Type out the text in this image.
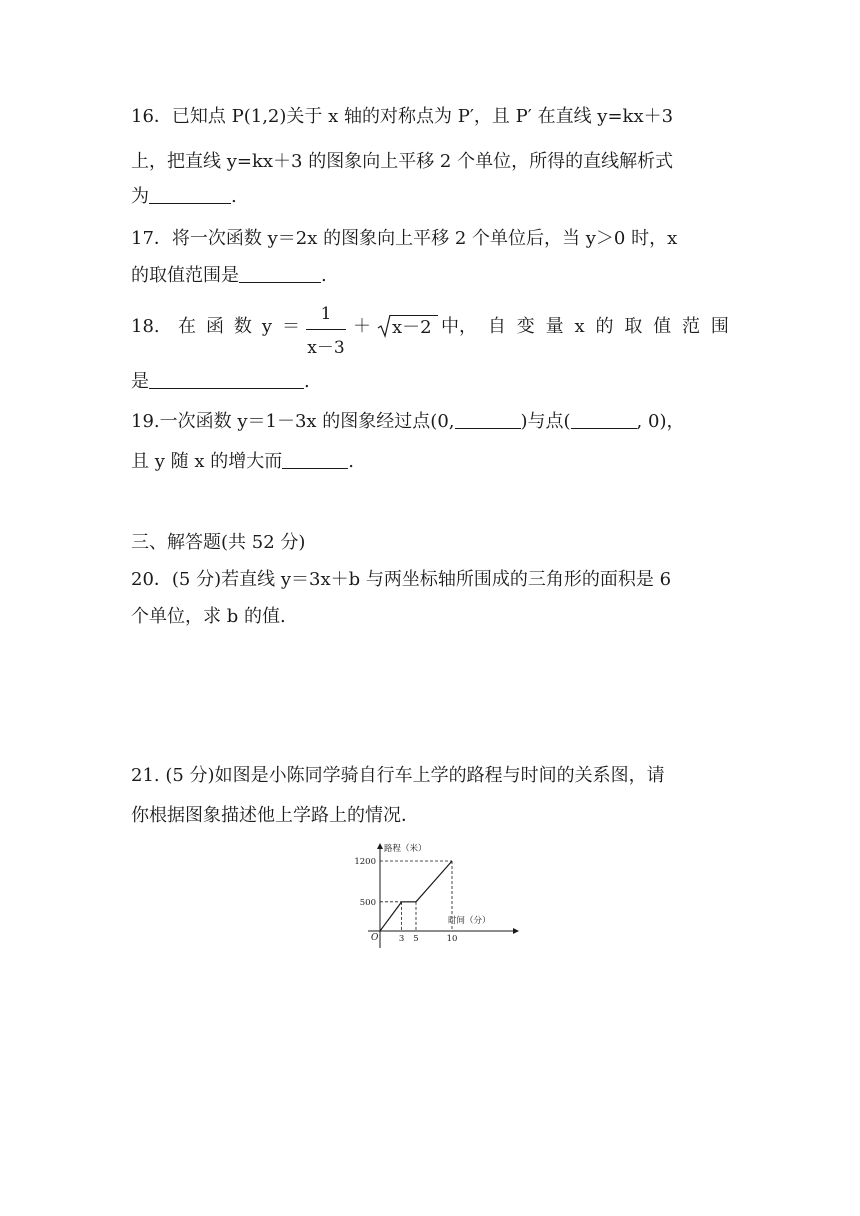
16．已知点 P(1,2)关于 x 轴的对称点为 P′，且 P′ 在直线 y=kx＋3
上，把直线 y=kx＋3 的图象向上平移 2 个单位，所得的直线解析式
为	.
17．将一次函数 y＝2x 的图象向上平移 2 个单位后，当 y＞0 时，x
的取值范围是	.
18. 在 函 数 y ＝
1
x－3
＋ x－2 中， 自 变 量 x 的 取 值 范 围
是	.
19.一次函数 y＝1－3x 的图象经过点(0,	)与点(	, 0)，
且 y 随 x 的增大而	.
三、解答题(共 52 分)
20．(5 分)若直线 y＝3x＋b 与两坐标轴所围成的三角形的面积是 6
个单位，求 b 的值.
21. (5 分)如图是小陈同学骑自行车上学的路程与时间的关系图，请
你根据图象描述他上学路上的情况．
路程（米）
时间（分）
O 3 5	10
500
1200
